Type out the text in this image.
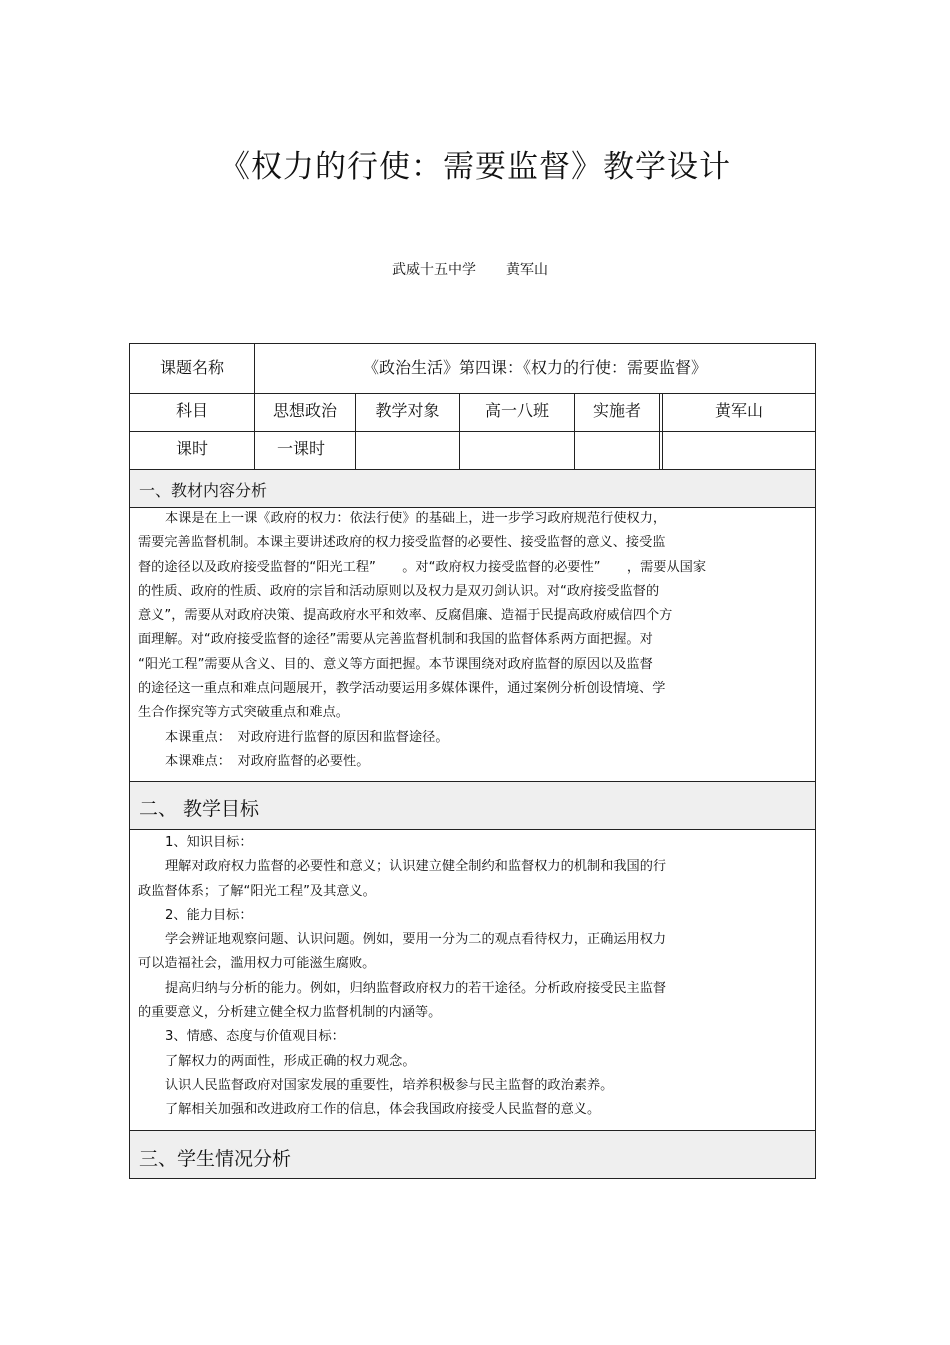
《权力的行使：需要监督》教学设计
武威十五中学 黄军山
课题名称	《政治生活》第四课：《权力的行使：需要监督》
科目	思想政治	教学对象	高一八班	实施者	黄军山
课时	一课时
一、教材内容分析

本课是在上一课《政府的权力：依法行使》的基础上，进一步学习政府规范行使权力，

需要完善监督机制。本课主要讲述政府的权力接受监督的必要性、接受监督的意义、接受监

督的途径以及政府接受监督的“阳光工程”　　。对“政府权力接受监督的必要性”　　，需要从国家

的性质、政府的性质、政府的宗旨和活动原则以及权力是双刃剑认识。对“政府接受监督的

意义”，需要从对政府决策、提高政府水平和效率、反腐倡廉、造福于民提高政府威信四个方

面理解。对“政府接受监督的途径”需要从完善监督机制和我国的监督体系两方面把握。对

“阳光工程”需要从含义、目的、意义等方面把握。本节课围绕对政府监督的原因以及监督

的途径这一重点和难点问题展开，教学活动要运用多媒体课件，通过案例分析创设情境、学

生合作探究等方式突破重点和难点。

本课重点：　对政府进行监督的原因和监督途径。

本课难点：　对政府监督的必要性。

二、 教学目标

1、知识目标：

理解对政府权力监督的必要性和意义；认识建立健全制约和监督权力的机制和我国的行

政监督体系；了解“阳光工程”及其意义。

2、能力目标：

学会辨证地观察问题、认识问题。例如，要用一分为二的观点看待权力，正确运用权力

可以造福社会，滥用权力可能滋生腐败。

提高归纳与分析的能力。例如，归纳监督政府权力的若干途径。分析政府接受民主监督

的重要意义，分析建立健全权力监督机制的内涵等。

3、情感、态度与价值观目标：

了解权力的两面性，形成正确的权力观念。

认识人民监督政府对国家发展的重要性，培养积极参与民主监督的政治素养。

了解相关加强和改进政府工作的信息，体会我国政府接受人民监督的意义。

三、学生情况分析
